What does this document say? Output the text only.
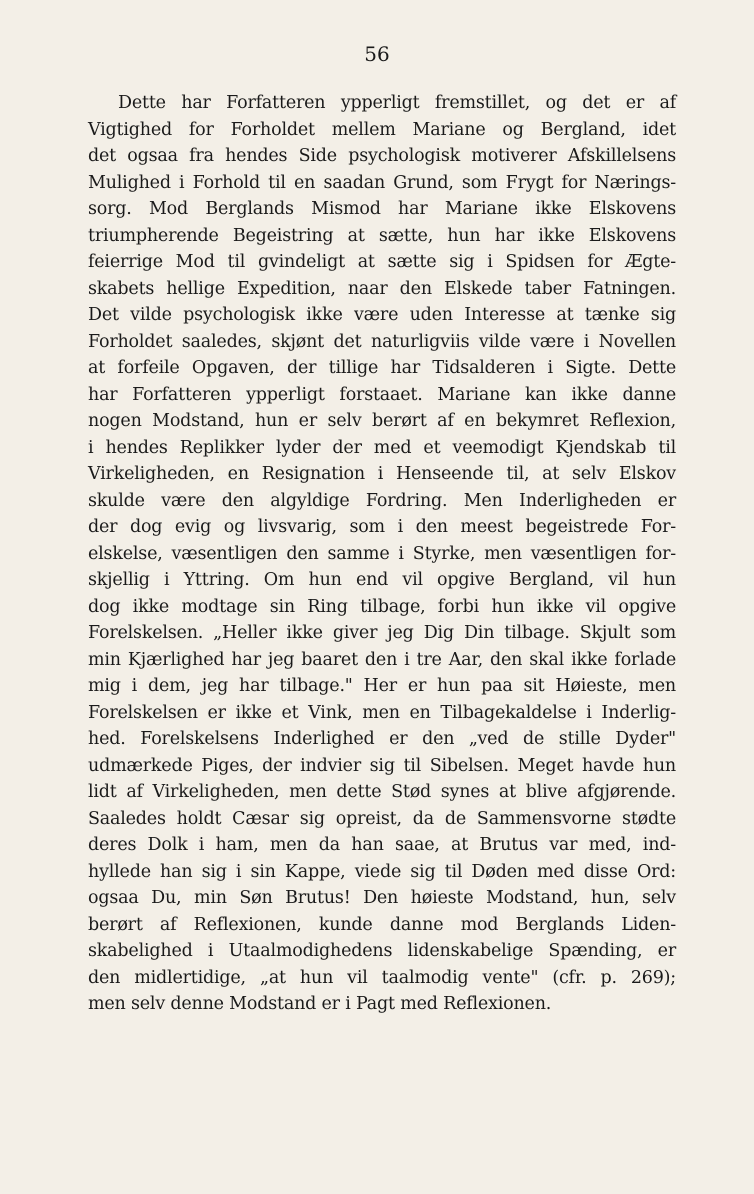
56
Dette har Forfatteren ypperligt fremstillet, og det er af
Vigtighed for Forholdet mellem Mariane og Bergland, idet
det ogsaa fra hendes Side psychologisk motiverer Afskillelsens
Mulighed i Forhold til en saadan Grund, som Frygt for Nærings-
sorg. Mod Berglands Mismod har Mariane ikke Elskovens
triumpherende Begeistring at sætte, hun har ikke Elskovens
feierrige Mod til gvindeligt at sætte sig i Spidsen for Ægte-
skabets hellige Expedition, naar den Elskede taber Fatningen.
Det vilde psychologisk ikke være uden Interesse at tænke sig
Forholdet saaledes, skjønt det naturligviis vilde være i Novellen
at forfeile Opgaven, der tillige har Tidsalderen i Sigte. Dette
har Forfatteren ypperligt forstaaet. Mariane kan ikke danne
nogen Modstand, hun er selv berørt af en bekymret Reflexion,
i hendes Replikker lyder der med et veemodigt Kjendskab til
Virkeligheden, en Resignation i Henseende til, at selv Elskov
skulde være den algyldige Fordring. Men Inderligheden er
der dog evig og livsvarig, som i den meest begeistrede For-
elskelse, væsentligen den samme i Styrke, men væsentligen for-
skjellig i Yttring. Om hun end vil opgive Bergland, vil hun
dog ikke modtage sin Ring tilbage, forbi hun ikke vil opgive
Forelskelsen. „Heller ikke giver jeg Dig Din tilbage. Skjult som
min Kjærlighed har jeg baaret den i tre Aar, den skal ikke forlade
mig i dem, jeg har tilbage." Her er hun paa sit Høieste, men
Forelskelsen er ikke et Vink, men en Tilbagekaldelse i Inderlig-
hed. Forelskelsens Inderlighed er den „ved de stille Dyder"
udmærkede Piges, der indvier sig til Sibelsen. Meget havde hun
lidt af Virkeligheden, men dette Stød synes at blive afgjørende.
Saaledes holdt Cæsar sig opreist, da de Sammensvorne stødte
deres Dolk i ham, men da han saae, at Brutus var med, ind-
hyllede han sig i sin Kappe, viede sig til Døden med disse Ord:
ogsaa Du, min Søn Brutus! Den høieste Modstand, hun, selv
berørt af Reflexionen, kunde danne mod Berglands Liden-
skabelighed i Utaalmodighedens lidenskabelige Spænding, er
den midlertidige, „at hun vil taalmodig vente" (cfr. p. 269);
men selv denne Modstand er i Pagt med Reflexionen.
